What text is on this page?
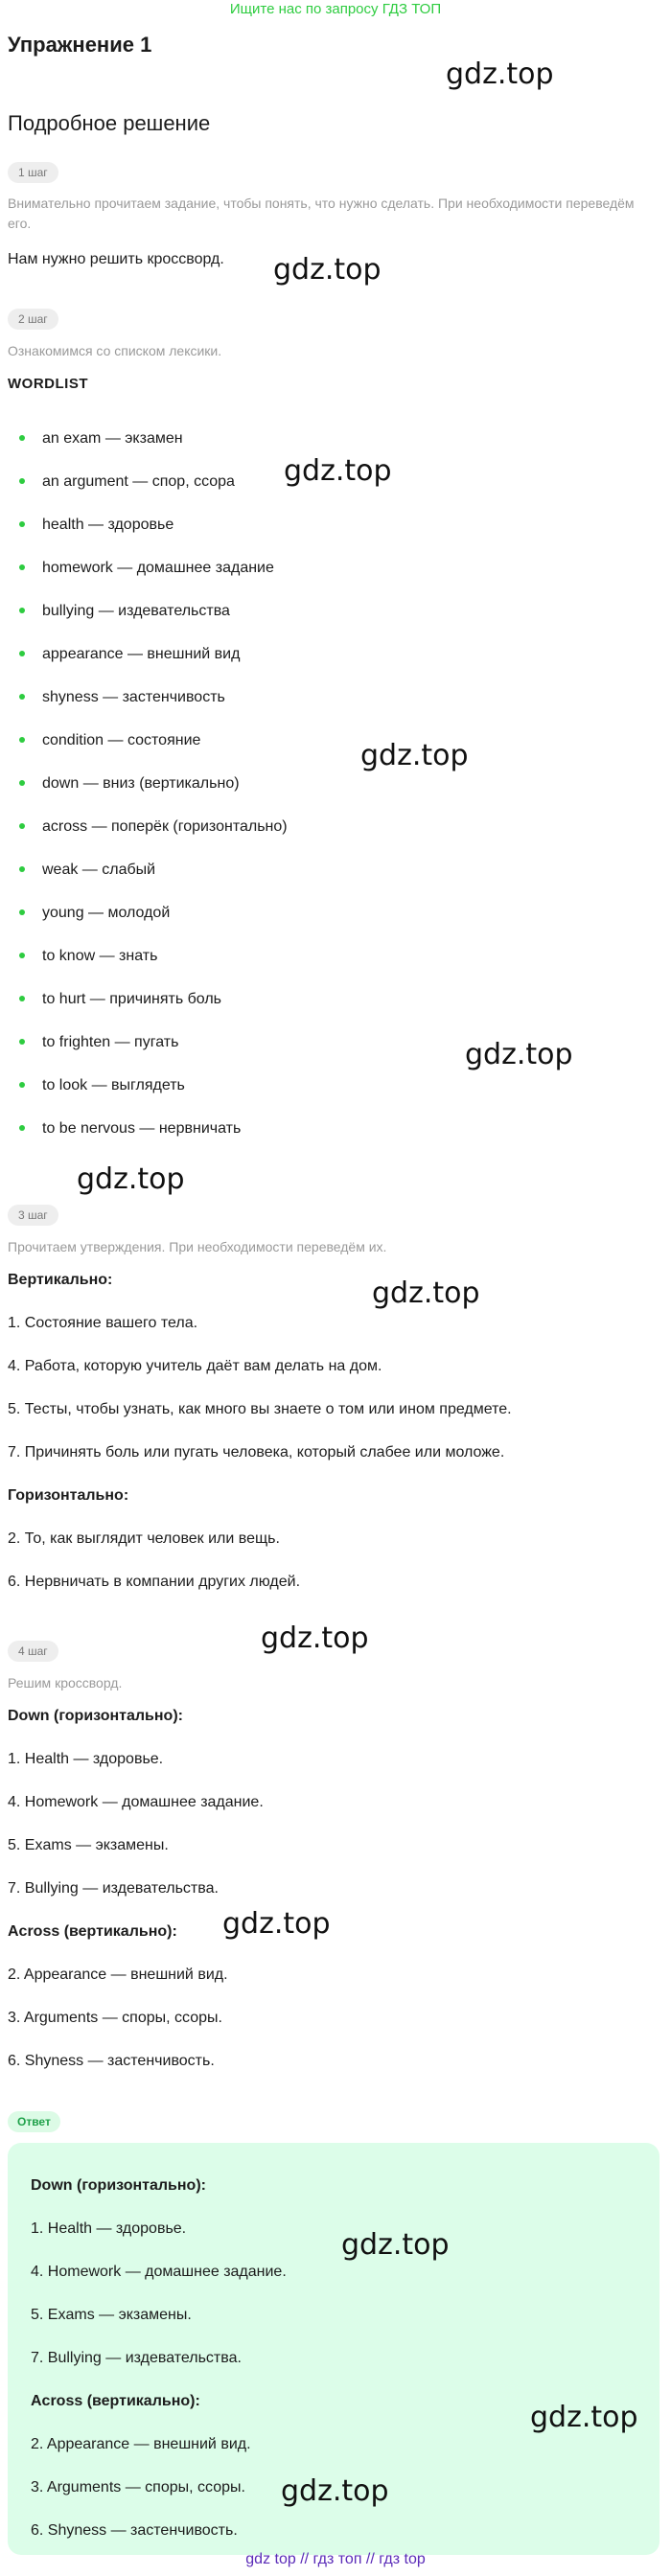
Ищите нас по запросу ГДЗ ТОП
Упражнение 1
gdz.top
Подробное решение
1 шаг
Внимательно прочитаем задание, чтобы понять, что нужно сделать. При необходимости переведём его.
Нам нужно решить кроссворд. gdz.top
2 шаг
Ознакомимся со списком лексики.
WORDLIST
an exam — экзамен
an argument — спор, ссора
health — здоровье
homework — домашнее задание
bullying — издевательства
appearance — внешний вид
shyness — застенчивость
condition — состояние
down — вниз (вертикально)
across — поперёк (горизонтально)
weak — слабый
young — молодой
to know — знать
to hurt — причинять боль
to frighten — пугать
to look — выглядеть
to be nervous — нервничать
gdz.top
gdz.top
gdz.top
gdz.top
3 шаг
Прочитаем утверждения. При необходимости переведём их.
Вертикально:	gdz.top
1. Состояние вашего тела.
4. Работа, которую учитель даёт вам делать на дом.
5. Тесты, чтобы узнать, как много вы знаете о том или ином предмете.
7. Причинять боль или пугать человека, который слабее или моложе.
Горизонтально:
2. То, как выглядит человек или вещь.
6. Нервничать в компании других людей.
gdz.top
4 шаг
Решим кроссворд.
Down (горизонтально):
1. Health — здоровье.
4. Homework — домашнее задание.
5. Exams — экзамены.
7. Bullying — издевательства.
Across (вертикально): gdz.top
2. Appearance — внешний вид.
3. Arguments — споры, ссоры.
6. Shyness — застенчивость.
Ответ
Down (горизонтально):
1. Health — здоровье.
4. Homework — домашнее задание.
5. Exams — экзамены.
7. Bullying — издевательства.
Across (вертикально):
2. Appearance — внешний вид.
3. Arguments — споры, ссоры.
6. Shyness — застенчивость.
gdz.top
gdz.top
gdz.top
gdz top // гдз топ // гдз top
